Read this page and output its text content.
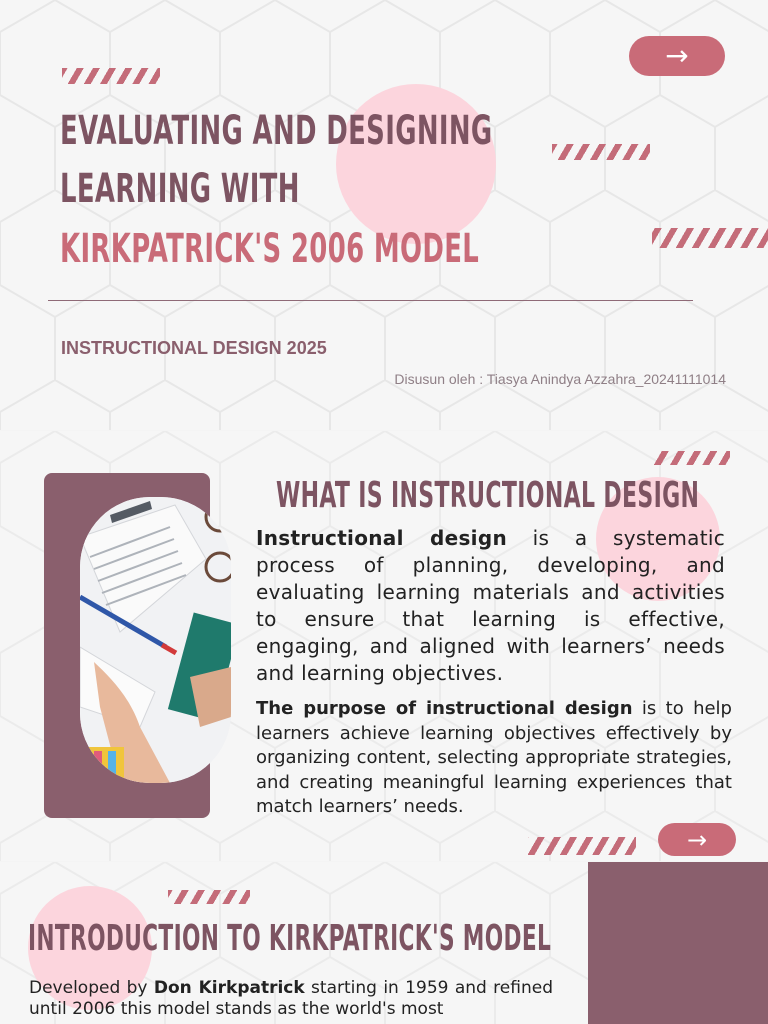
→
EVALUATING AND DESIGNING
LEARNING WITH
KIRKPATRICK'S 2006 MODEL
INSTRUCTIONAL DESIGN 2025
Disusun oleh : Tiasya Anindya Azzahra_20241111014
WHAT IS INSTRUCTIONAL DESIGN
Instructional design is a systematic process of planning, developing, and evaluating learning materials and activities to ensure that learning is effective, engaging, and aligned with learners’ needs and learning objectives.
The purpose of instructional design is to help learners achieve learning objectives effectively by organizing content, selecting appropriate strategies, and creating meaningful learning experiences that match learners’ needs.
→
INTRODUCTION TO KIRKPATRICK'S MODEL
Developed by Don Kirkpatrick starting in 1959 and refined until 2006 this model stands as the world's most
